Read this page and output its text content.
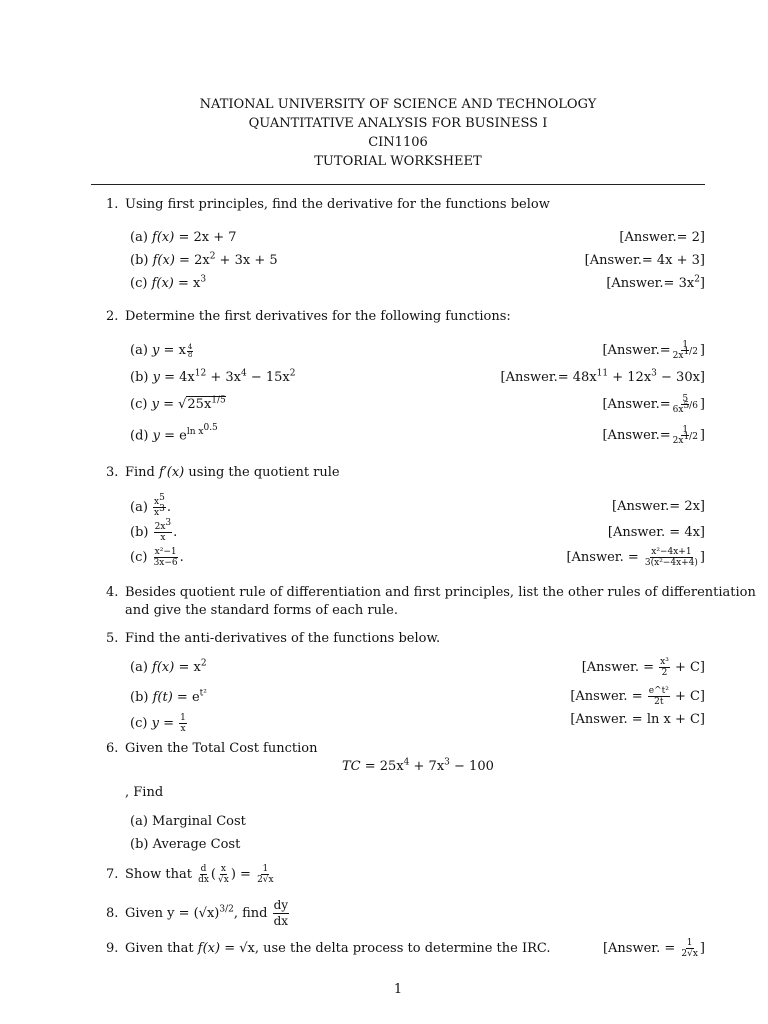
NATIONAL UNIVERSITY OF SCIENCE AND TECHNOLOGY
QUANTITATIVE ANALYSIS FOR BUSINESS I
CIN1106
TUTORIAL WORKSHEET
1. Using first principles, find the derivative for the functions below
(a) f(x) = 2x + 7	[Answer.= 2]
(b) $f(x) = 2x^2 + 3x + 5$	[Answer.= 4x + 3]
(c) $f(x) = x^3$	[Answer.= $3x^2$]
2. Determine the first derivatives for the following functions:
(a) y = x $^{\frac{4}{8}}$	[Answer.= $\frac{1}{2x^{1/2}}$ ]
(b) $y = 4x^{12} + 3x^4 - 15x^2$	[Answer.= $48x^{11} + 12x^3 - 30x$]
(c) $y = √25x^{1/5}$	[Answer.= $\frac{5}{6x^{5/6}}$ ]
(d) $y = e^{ln x^{0.5}}$	[Answer.= $\frac{1}{2x^{1/2}}$ ]
3. Find f′(x) using the quotient rule
$(a) \frac{x^5}{x^3}$ .	[Answer.= 2x]
$(b) \frac{2x^3}{x}$ .	[Answer. = 4x]
$(c) \frac{\text{x²−1}}{3x-6}$ .	[Answer. = $\frac{\text{x²−4x+1}}{\text{3(x²−4x+4)}}$ ]
4. Besides quotient rule of differentiation and first principles, list the other rules of differentiation
and give the standard forms of each rule.
5. Find the anti-derivatives of the functions below.
(a) $f(x) = x^2$	[Answer. = $\frac{\text{x³}}{2} + C$]
(b) $f(t) = e^{t^2}$	[Answer. = $\frac{\text{e\textasciicircum{}t²}}{2t} + C$]
(c) $y = \frac{1}{x}$	[Answer. = ln x + C]
6. Given the Total Cost function
TC = $25x^4 + 7x^3 - 100$
, Find
(a) Marginal Cost
(b) Average Cost
7. Show that $\frac{d}{dx}$ ( $\frac{x}{√x}$ ) = $\frac{1}{2√x}$
8. Given $y = (√x)^{3/2}$, find $\frac{dy}{dx}$
9. Given that f(x) = √x, use the delta process to determine the IRC.	[Answer. = $\frac{1}{2√x}$ ]
1
